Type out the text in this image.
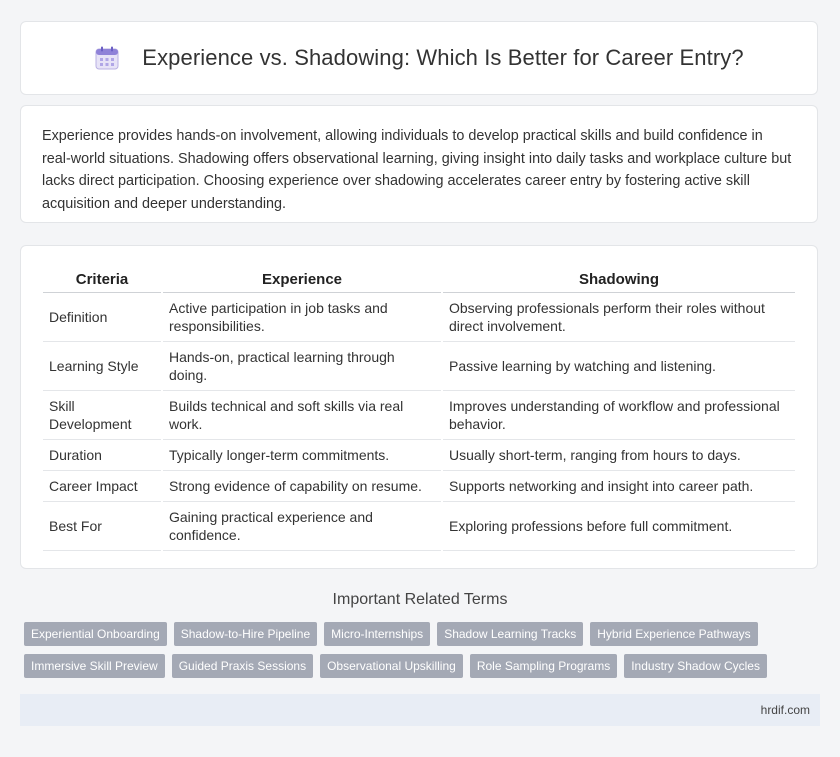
Experience vs. Shadowing: Which Is Better for Career Entry?

Experience provides hands-on involvement, allowing individuals to develop practical skills and build confidence in real-world situations. Shadowing offers observational learning, giving insight into daily tasks and workplace culture but lacks direct participation. Choosing experience over shadowing accelerates career entry by fostering active skill acquisition and deeper understanding.

Criteria	Experience	Shadowing
Definition	Active participation in job tasks and responsibilities.	Observing professionals perform their roles without direct involvement.
Learning Style	Hands-on, practical learning through doing.	Passive learning by watching and listening.
Skill Development	Builds technical and soft skills via real work.	Improves understanding of workflow and professional behavior.
Duration	Typically longer-term commitments.	Usually short-term, ranging from hours to days.
Career Impact	Strong evidence of capability on resume.	Supports networking and insight into career path.
Best For	Gaining practical experience and confidence.	Exploring professions before full commitment.
Important Related Terms
Experiential Onboarding	Shadow-to-Hire Pipeline	Micro-Internships	Shadow Learning Tracks	Hybrid Experience Pathways
Immersive Skill Preview	Guided Praxis Sessions	Observational Upskilling	Role Sampling Programs	Industry Shadow Cycles
hrdif.com
